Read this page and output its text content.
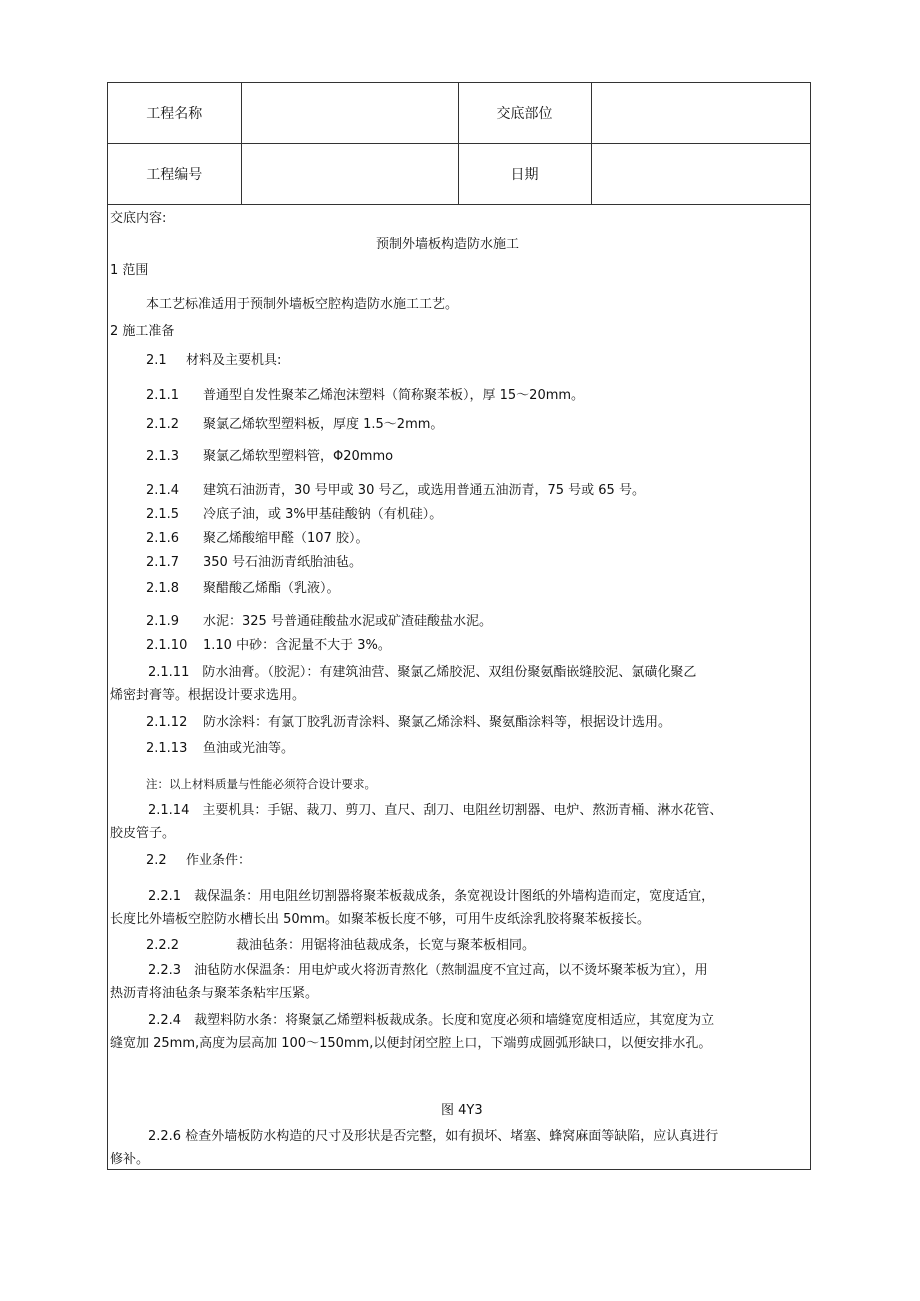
工程名称		交底部位	
工程编号		日期	
交底内容:
预制外墙板构造防水施工
1 范围
本工艺标准适用于预制外墙板空腔构造防水施工工艺。
2 施工准备
2.1 材料及主要机具:
2.1.1 普通型自发性聚苯乙烯泡沫塑料（简称聚苯板），厚 15～20mm。
2.1.2 聚氯乙烯软型塑料板，厚度 1.5～2mm。
2.1.3 聚氯乙烯软型塑料管，Φ20mmo
2.1.4 建筑石油沥青，30 号甲或 30 号乙，或选用普通五油沥青，75 号或 65 号。
2.1.5 冷底子油，或 3%甲基硅酸钠（有机硅）。
2.1.6 聚乙烯酸缩甲醛（107 胶）。
2.1.7 350 号石油沥青纸胎油毡。
2.1.8 聚醋酸乙烯酯（乳液）。
2.1.9 水泥：325 号普通硅酸盐水泥或矿渣硅酸盐水泥。
2.1.10 1.10 中砂：含泥量不大于 3%。
2.1.11　防水油膏。（胶泥）：有建筑油营、聚氯乙烯胶泥、双组份聚氨酯嵌缝胶泥、氯磺化聚乙
烯密封膏等。根据设计要求选用。
2.1.12 防水涂料：有氯丁胶乳沥青涂料、聚氯乙烯涂料、聚氨酯涂料等，根据设计选用。
2.1.13 鱼油或光油等。
注：以上材料质量与性能必须符合设计要求。
2.1.14　主要机具：手锯、裁刀、剪刀、直尺、刮刀、电阻丝切割器、电炉、熬沥青桶、淋水花管、
胶皮管子。
2.2 作业条件：
2.2.1　裁保温条：用电阻丝切割器将聚苯板裁成条，条宽视设计图纸的外墙构造而定，宽度适宜，
长度比外墙板空腔防水槽长出 50mm。如聚苯板长度不够，可用牛皮纸涂乳胶将聚苯板接长。
2.2.2	裁油毡条：用锯将油毡裁成条，长宽与聚苯板相同。
2.2.3　油毡防水保温条：用电炉或火将沥青熬化（熬制温度不宜过高，以不烫坏聚苯板为宜），用
热沥青将油毡条与聚苯条粘牢压紧。
2.2.4　裁塑料防水条：将聚氯乙烯塑料板裁成条。长度和宽度必须和墙缝宽度相适应，其宽度为立
缝宽加 25mm,高度为层高加 100～150mm,以便封闭空腔上口，下端剪成圆弧形缺口，以便安排水孔。

图 4Y3
2.2.6 检查外墙板防水构造的尺寸及形状是否完整，如有损坏、堵塞、蜂窝麻面等缺陷，应认真进行
修补。
